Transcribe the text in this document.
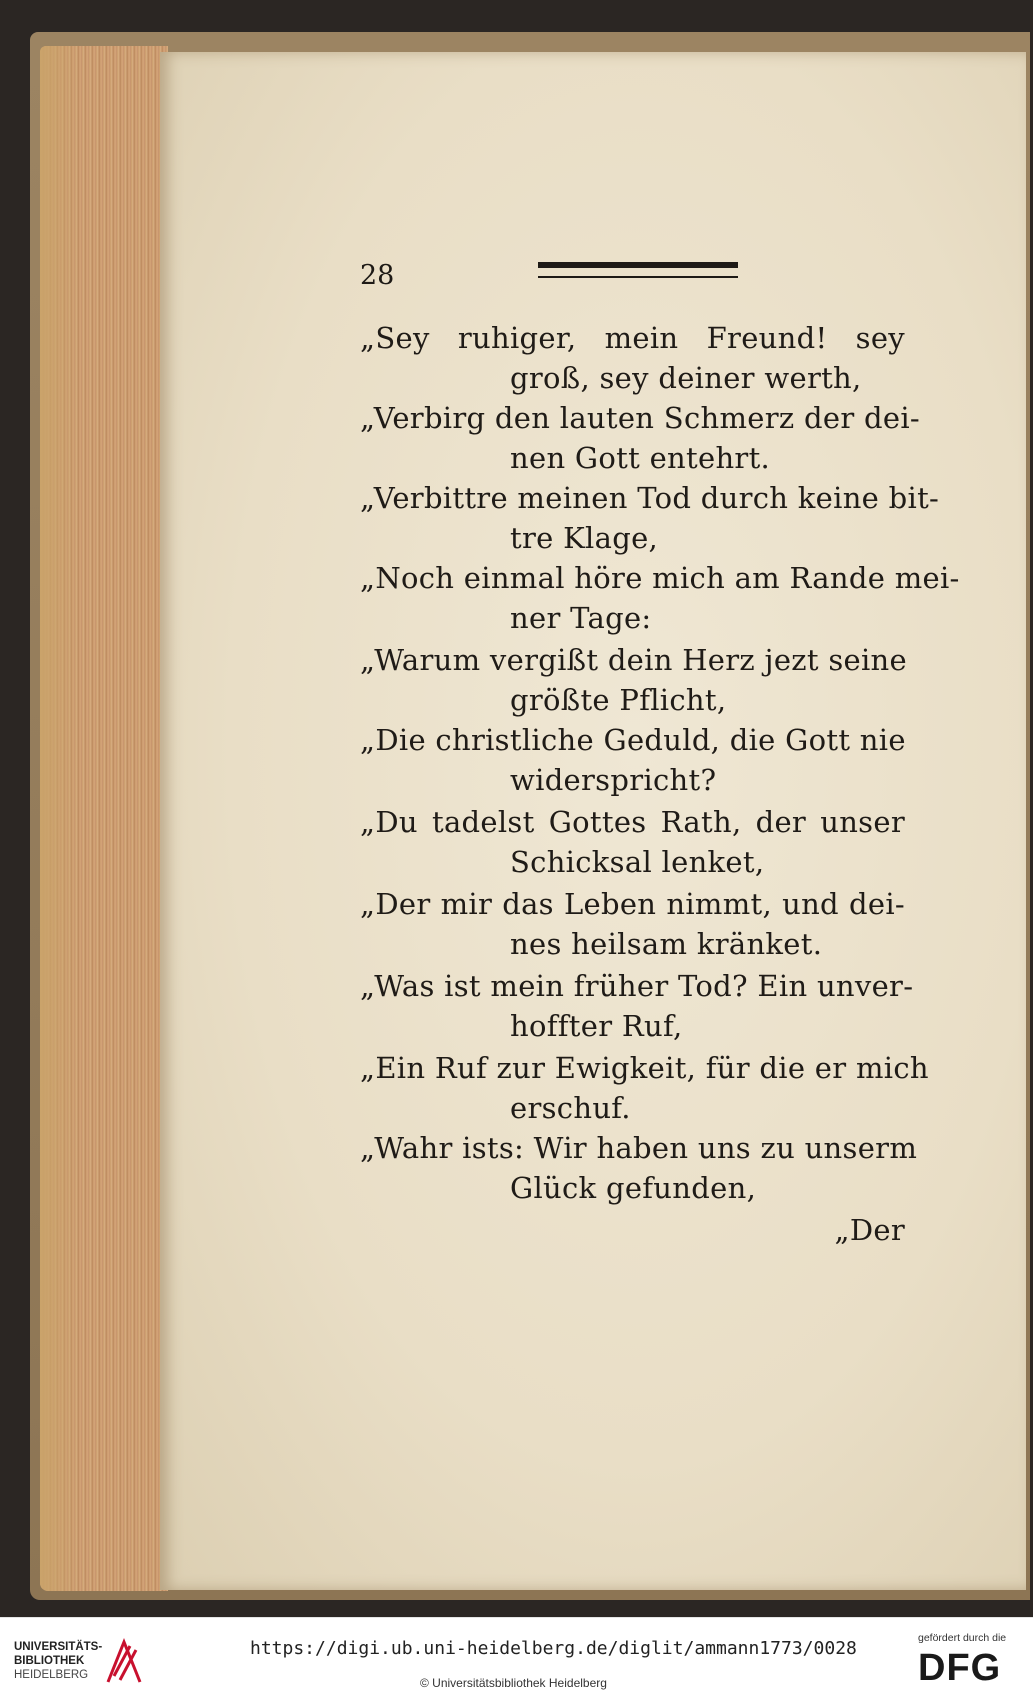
28
„Sey ruhiger, mein Freund! sey
groß, sey deiner werth,
„Verbirg den lauten Schmerz der dei-
nen Gott entehrt.
„Verbittre meinen Tod durch keine bit-
tre Klage,
„Noch einmal höre mich am Rande mei-
ner Tage:
„Warum vergißt dein Herz jezt seine
größte Pflicht,
„Die christliche Geduld, die Gott nie
widerspricht?
„Du tadelst Gottes Rath, der unser
Schicksal lenket,
„Der mir das Leben nimmt, und dei-
nes heilsam kränket.
„Was ist mein früher Tod? Ein unver-
hoffter Ruf,
„Ein Ruf zur Ewigkeit, für die er mich
erschuf.
„Wahr ists: Wir haben uns zu unserm
Glück gefunden,
„Der
UNIVERSITÄTS-
BIBLIOTHEK
HEIDELBERG
https://digi.ub.uni-heidelberg.de/diglit/ammann1773/0028
© Universitätsbibliothek Heidelberg
gefördert durch die
DFG
